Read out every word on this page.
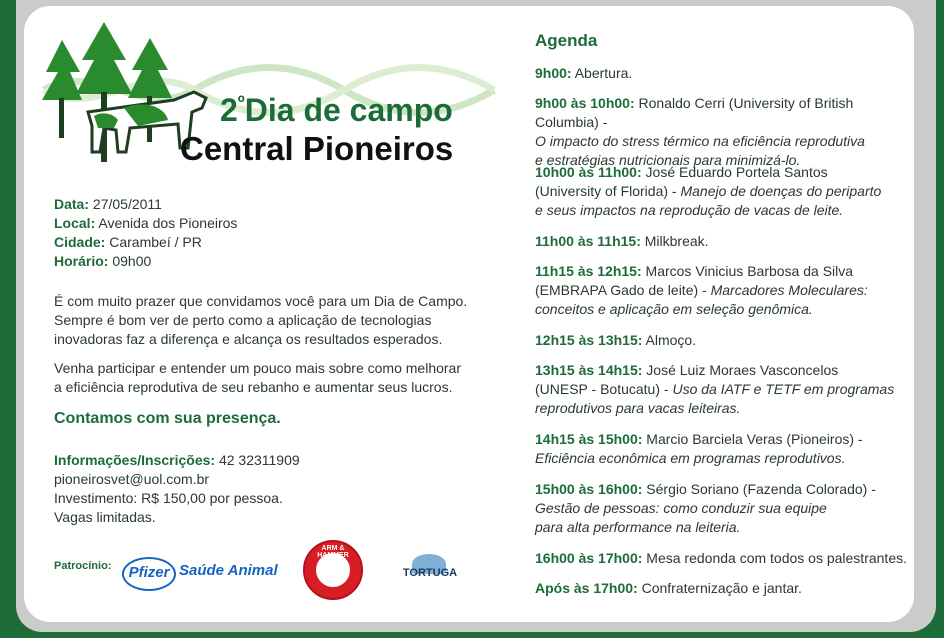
$2^ºDia$ de campo
Central Pioneiros
Data: 27/05/2011
Local: Avenida dos Pioneiros
Cidade: Carambeí / PR
Horário: 09h00
É com muito prazer que convidamos você para um Dia de Campo.
Sempre é bom ver de perto como a aplicação de tecnologias
inovadoras faz a diferença e alcança os resultados esperados.
Venha participar e entender um pouco mais sobre como melhorar
a eficiência reprodutiva de seu rebanho e aumentar seus lucros.
Contamos com sua presença.
Informações/Inscrições: 42 32311909
pioneirosvet@uol.com.br
Investimento: R$ 150,00 por pessoa.
Vagas limitadas.
Patrocínio:	Pfizer Saúde Animal
ARM & HAMMER
TORTUGA
Agenda

9h00: Abertura.

9h00 às 10h00: Ronaldo Cerri (University of British Columbia) -

O impacto do stress térmico na eficiência reprodutiva

e estratégias nutricionais para minimizá-lo.

10h00 às 11h00: José Eduardo Portela Santos

(University of Florida) - Manejo de doenças do periparto

e seus impactos na reprodução de vacas de leite.

11h00 às 11h15: Milkbreak.

11h15 às 12h15: Marcos Vinicius Barbosa da Silva

(EMBRAPA Gado de leite) - Marcadores Moleculares:

conceitos e aplicação em seleção genômica.

12h15 às 13h15: Almoço.

13h15 às 14h15: José Luiz Moraes Vasconcelos

(UNESP - Botucatu) - Uso da IATF e TETF em programas

reprodutivos para vacas leiteiras.

14h15 às 15h00: Marcio Barciela Veras (Pioneiros) -

Eficiência econômica em programas reprodutivos.

15h00 às 16h00: Sérgio Soriano (Fazenda Colorado) -

Gestão de pessoas: como conduzir sua equipe

para alta performance na leiteria.

16h00 às 17h00: Mesa redonda com todos os palestrantes.

Após às 17h00: Confraternização e jantar.
